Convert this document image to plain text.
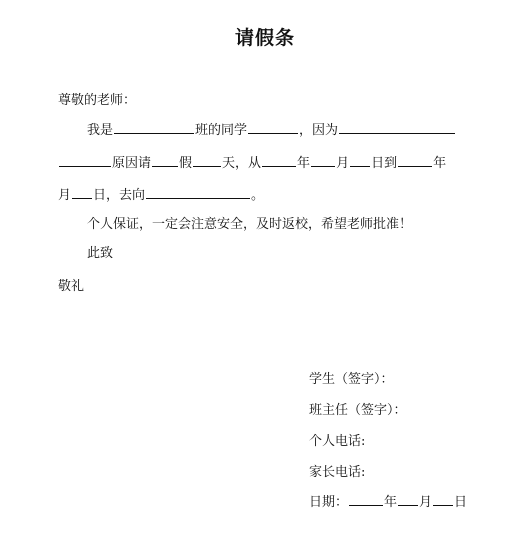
请假条
尊敬的老师：
我是	班的同学	，因为
原因请 假 天，从	年 月 日到	年
月 日，去向	。
个人保证，一定会注意安全，及时返校，希望老师批准！
此致
敬礼
学生（签字）：
班主任（签字）：
个人电话:
家长电话:
日期：	年 月 日
